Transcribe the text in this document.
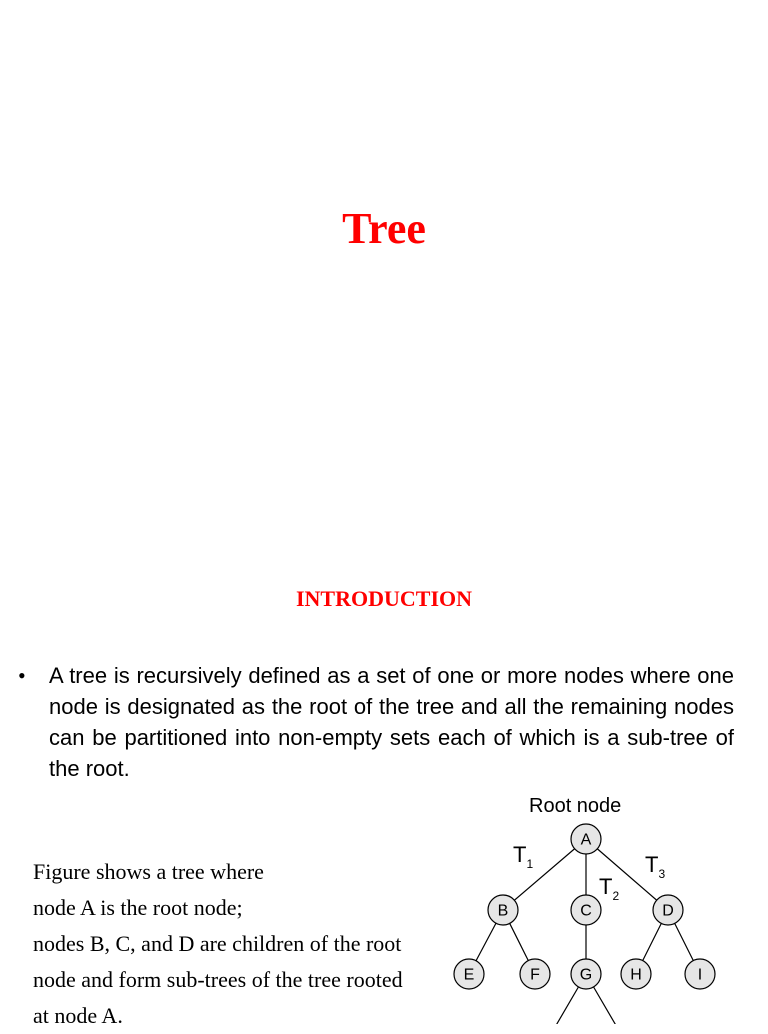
Tree
INTRODUCTION
• A tree is recursively defined as a set of one or more nodes where one node is designated as the root of the tree and all the remaining nodes can be partitioned into non-empty sets each of which is a sub-tree of the root.

Figure shows a tree where
node A is the root node;
nodes B, C, and D are children of the root node and form sub-trees of the tree rooted at node A.
A
B	C	D
E	F G H	I
Root node
$T_1$
$T_2$
$T_3$
